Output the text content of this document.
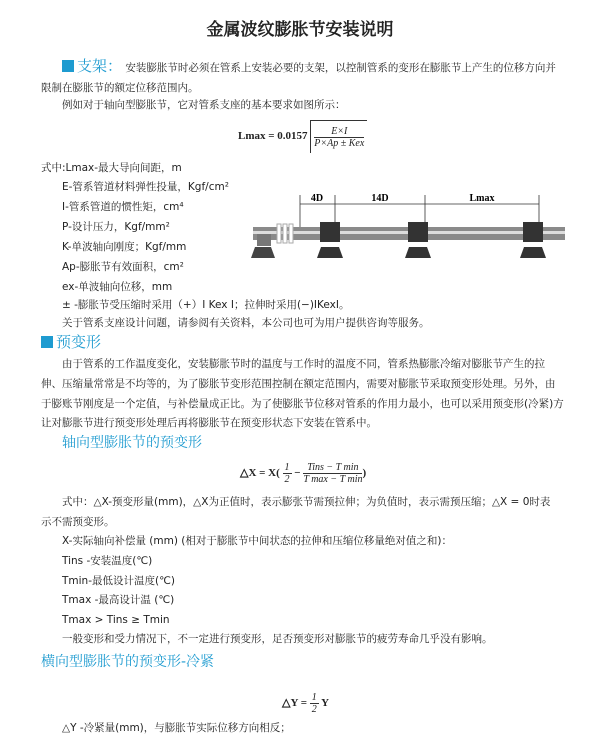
金属波纹膨胀节安装说明
支架： 安装膨胀节时必须在管系上安装必要的支架，以控制管系的变形在膨胀节上产生的位移方向并
限制在膨胀节的额定位移范围内。
例如对于轴向型膨胀节，它对管系支座的基本要求如图所示：
$Lmax = 0.0157 \frac{E\times I}{\text{P×Ap ± Kex}}$
式中:Lmax-最大导向间距，m
E-管系管道材料弹性投量，Kgf/cm²
I-管系管道的惯性矩，cm⁴
P-设计压力，Kgf/mm²
K-单波轴向刚度；Kgf/mm
Ap-膨胀节有效面积，cm²
ex-单波轴向位移，mm
± -膨胀节受压缩时采用（+）I Kex I；拉伸时采用(−)IKexI。
关于管系支座设计问题，请参阅有关资料，本公司也可为用户提供咨询等服务。
4D	14D	Lmax
预变形
由于管系的工作温度变化，安装膨胀节时的温度与工作时的温度不同，管系热膨胀冷缩对膨胀节产生的拉
伸、压缩量常常是不均等的，为了膨胀节变形范围控制在额定范围内，需要对膨胀节采取预变形处理。另外，由
于膨账节刚度是一个定值，与补偿量成正比。为了使膨胀节位移对管系的作用力最小，也可以采用预变形(冷紧)方
让对膨胀节进行预变形处理后再将膨胀节在预变形状态下安装在管系中。
轴向型膨胀节的预变形
△X = $X( \frac{1}{2} - \frac{\text{Tins − T min}}{\text{T max − T min}}$ )
式中：△X-预变形量(mm)，△X为正值时，表示膨张节需预拉伸；为负值时，表示需预压缩；△X = 0时表
示不需预变形。
X-实际轴向补偿量 (mm) (相对于膨胀节中间状态的拉伸和压缩位移量绝对值之和)：
Tins -安装温度(℃)
Tmin-最低设计温度(℃)
Tmax -最高设计温 (℃)
Tmax > Tins ≥ Tmin
一般变形和受力情况下，不一定进行预变形，足否预变形对膨胀节的疲劳寿命几乎没有影响。
横向型膨胀节的预变形-冷紧
△Y = $\frac{1}{2}$ Y
△Y -冷紧量(mm)，与膨胀节实际位移方向相反；
